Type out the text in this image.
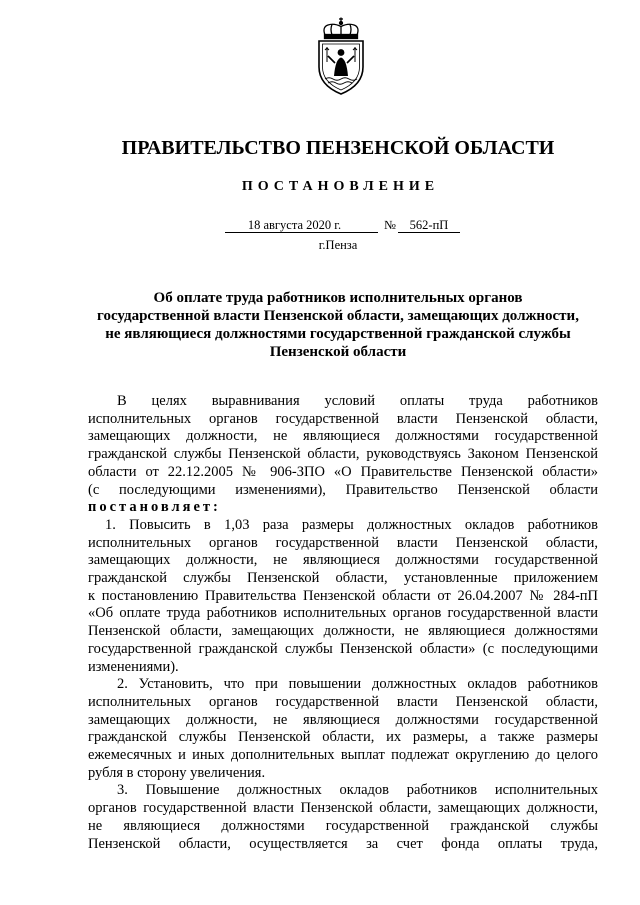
ПРАВИТЕЛЬСТВО ПЕНЗЕНСКОЙ ОБЛАСТИ
ПОСТАНОВЛЕНИЕ
18 августа 2020 г.	№	562-пП
г.Пенза
Об оплате труда работников исполнительных органов
государственной власти Пензенской области, замещающих должности,
не являющиеся должностями государственной гражданской службы
Пензенской области
В целях выравнивания условий оплаты труда работников
исполнительных органов государственной власти Пензенской области,
замещающих должности, не являющиеся должностями государственной
гражданской службы Пензенской области, руководствуясь Законом Пензенской
области от 22.12.2005 № 906-ЗПО «О Правительстве Пензенской области»
(с последующими изменениями), Правительство Пензенской области
постановляет:
1. Повысить в 1,03 раза размеры должностных окладов работников
исполнительных органов государственной власти Пензенской области,
замещающих должности, не являющиеся должностями государственной
гражданской службы Пензенской области, установленные приложением
к постановлению Правительства Пензенской области от 26.04.2007 № 284-пП
«Об оплате труда работников исполнительных органов государственной власти
Пензенской области, замещающих должности, не являющиеся должностями
государственной гражданской службы Пензенской области» (с последующими
изменениями).
2. Установить, что при повышении должностных окладов работников
исполнительных органов государственной власти Пензенской области,
замещающих должности, не являющиеся должностями государственной
гражданской службы Пензенской области, их размеры, а также размеры
ежемесячных и иных дополнительных выплат подлежат округлению до целого
рубля в сторону увеличения.
3. Повышение должностных окладов работников исполнительных
органов государственной власти Пензенской области, замещающих должности,
не являющиеся должностями государственной гражданской службы
Пензенской области, осуществляется за счет фонда оплаты труда,
